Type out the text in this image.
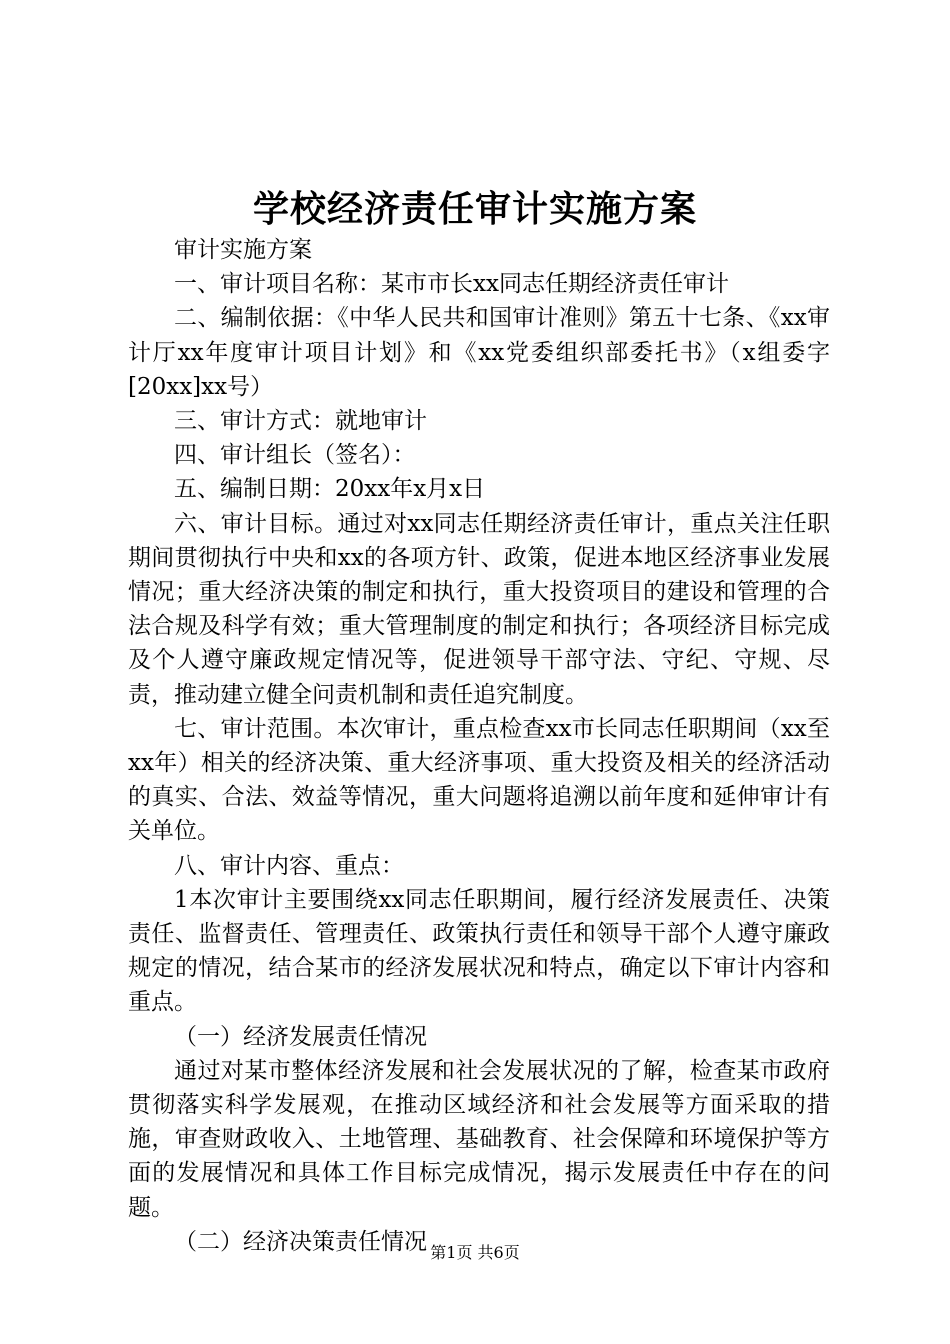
学校经济责任审计实施方案

审计实施方案

一、审计项目名称：某市市长xx同志任期经济责任审计

二、编制依据：《中华人民共和国审计准则》第五十七条、《xx审计厅xx年度审计项目计划》和《xx党委组织部委托书》（x组委字[20xx]xx号）

三、审计方式：就地审计

四、审计组长（签名）：

五、编制日期：20xx年x月x日

六、审计目标。通过对xx同志任期经济责任审计，重点关注任职期间贯彻执行中央和xx的各项方针、政策，促进本地区经济事业发展情况；重大经济决策的制定和执行，重大投资项目的建设和管理的合法合规及科学有效；重大管理制度的制定和执行；各项经济目标完成及个人遵守廉政规定情况等，促进领导干部守法、守纪、守规、尽责，推动建立健全问责机制和责任追究制度。

七、审计范围。本次审计，重点检查xx市长同志任职期间（xx至xx年）相关的经济决策、重大经济事项、重大投资及相关的经济活动的真实、合法、效益等情况，重大问题将追溯以前年度和延伸审计有关单位。

八、审计内容、重点：

1本次审计主要围绕xx同志任职期间，履行经济发展责任、决策责任、监督责任、管理责任、政策执行责任和领导干部个人遵守廉政规定的情况，结合某市的经济发展状况和特点，确定以下审计内容和重点。

（一）经济发展责任情况

通过对某市整体经济发展和社会发展状况的了解，检查某市政府贯彻落实科学发展观，在推动区域经济和社会发展等方面采取的措施，审查财政收入、土地管理、基础教育、社会保障和环境保护等方面的发展情况和具体工作目标完成情况，揭示发展责任中存在的问题。

（二）经济决策责任情况 第1页 共6页
